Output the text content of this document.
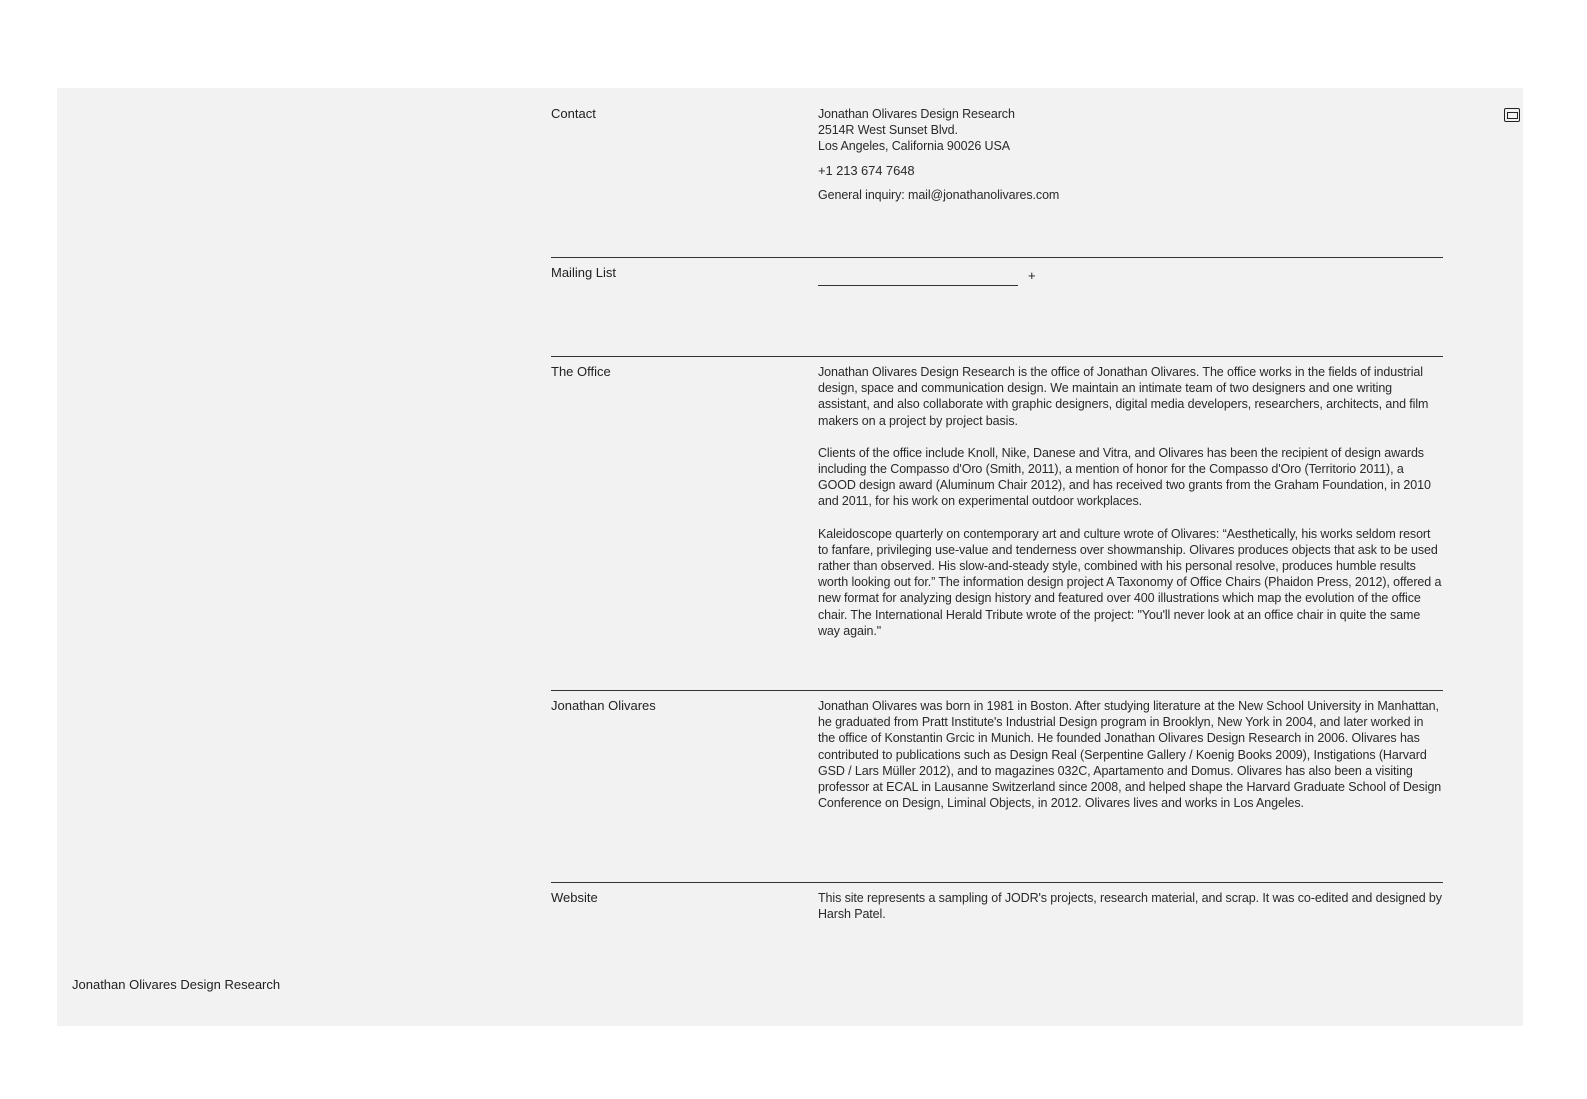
Contact	Jonathan Olivares Design Research
2514R West Sunset Blvd.
Los Angeles, California 90026 USA
+1 213 674 7648
General inquiry: mail@jonathanolivares.com
Mailing List	+
The Office	Jonathan Olivares Design Research is the office of Jonathan Olivares. The office works in the fields of industrial design, space and communication design. We maintain an intimate team of two designers and one writing assistant, and also collaborate with graphic designers, digital media developers, researchers, architects, and film makers on a project by project basis.

Clients of the office include Knoll, Nike, Danese and Vitra, and Olivares has been the recipient of design awards including the Compasso d'Oro (Smith, 2011), a mention of honor for the Compasso d'Oro (Territorio 2011), a GOOD design award (Aluminum Chair 2012), and has received two grants from the Graham Foundation, in 2010 and 2011, for his work on experimental outdoor workplaces.

Kaleidoscope quarterly on contemporary art and culture wrote of Olivares: “Aesthetically, his works seldom resort to fanfare, privileging use-value and tenderness over showmanship. Olivares produces objects that ask to be used rather than observed. His slow-and-steady style, combined with his personal resolve, produces humble results worth looking out for.” The information design project A Taxonomy of Office Chairs (Phaidon Press, 2012), offered a new format for analyzing design history and featured over 400 illustrations which map the evolution of the office chair. The International Herald Tribute wrote of the project: "You'll never look at an office chair in quite the same way again."

Jonathan Olivares	Jonathan Olivares was born in 1981 in Boston. After studying literature at the New School University in Manhattan, he graduated from Pratt Institute's Industrial Design program in Brooklyn, New York in 2004, and later worked in the office of Konstantin Grcic in Munich. He founded Jonathan Olivares Design Research in 2006. Olivares has contributed to publications such as Design Real (Serpentine Gallery / Koenig Books 2009), Instigations (Harvard GSD / Lars Müller 2012), and to magazines 032C, Apartamento and Domus. Olivares has also been a visiting professor at ECAL in Lausanne Switzerland since 2008, and helped shape the Harvard Graduate School of Design Conference on Design, Liminal Objects, in 2012. Olivares lives and works in Los Angeles.

Website	This site represents a sampling of JODR's projects, research material, and scrap. It was co-edited and designed by Harsh Patel.

Jonathan Olivares Design Research
